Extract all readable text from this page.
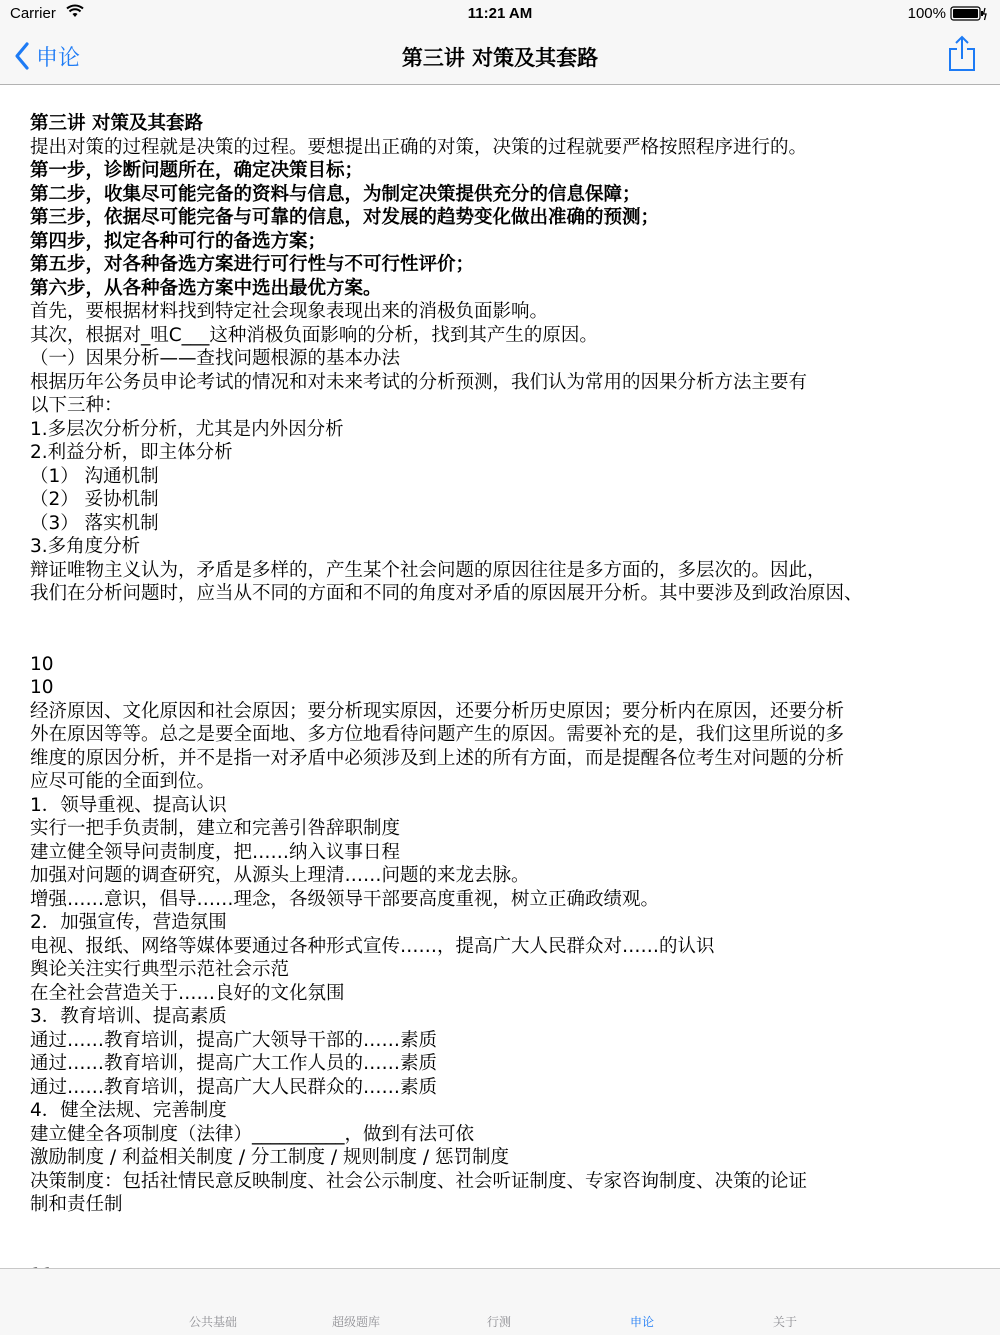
Carrier	11:21 AM	100%
申论	第三讲 对策及其套路
第三讲 对策及其套路
提出对策的过程就是决策的过程。要想提出正确的对策，决策的过程就要严格按照程序进行的。
第一步，诊断问题所在，确定决策目标；
第二步，收集尽可能完备的资料与信息，为制定决策提供充分的信息保障；
第三步，依据尽可能完备与可靠的信息，对发展的趋势变化做出准确的预测；
第四步，拟定各种可行的备选方案；
第五步，对各种备选方案进行可行性与不可行性评价；
第六步，从各种备选方案中选出最优方案。
首先，要根据材料找到特定社会现象表现出来的消极负面影响。
其次，根据对_咀C___这种消极负面影响的分析，找到其产生的原因。
（一）因果分析——查找问题根源的基本办法
根据历年公务员申论考试的情况和对未来考试的分析预测，我们认为常用的因果分析方法主要有
以下三种：
1.多层次分析分析，尤其是内外因分析
2.利益分析，即主体分析
（1） 沟通机制
（2） 妥协机制
（3） 落实机制
3.多角度分析
辩证唯物主义认为，矛盾是多样的，产生某个社会问题的原因往往是多方面的，多层次的。因此，
我们在分析问题时，应当从不同的方面和不同的角度对矛盾的原因展开分析。其中要涉及到政治原因、
10
10
经济原因、文化原因和社会原因；要分析现实原因，还要分析历史原因；要分析内在原因，还要分析
外在原因等等。总之是要全面地、多方位地看待问题产生的原因。需要补充的是，我们这里所说的多
维度的原因分析，并不是指一对矛盾中必须涉及到上述的所有方面，而是提醒各位考生对问题的分析
应尽可能的全面到位。
1．领导重视、提高认识
实行一把手负责制，建立和完善引咎辞职制度
建立健全领导问责制度，把……纳入议事日程
加强对问题的调查研究，从源头上理清……问题的来龙去脉。
增强……意识，倡导……理念，各级领导干部要高度重视，树立正确政绩观。
2．加强宣传，营造氛围
电视、报纸、网络等媒体要通过各种形式宣传……，提高广大人民群众对……的认识
舆论关注实行典型示范社会示范
在全社会营造关于……良好的文化氛围
3．教育培训、提高素质
通过……教育培训，提高广大领导干部的……素质
通过……教育培训，提高广大工作人员的……素质
通过……教育培训，提高广大人民群众的……素质
4．健全法规、完善制度
建立健全各项制度（法律）__________，做到有法可依
激励制度 / 利益相关制度 / 分工制度 / 规则制度 / 惩罚制度
决策制度：包括社情民意反映制度、社会公示制度、社会听证制度、专家咨询制度、决策的论证
制和责任制
公共基础	超级题库	行测	申论	关于
